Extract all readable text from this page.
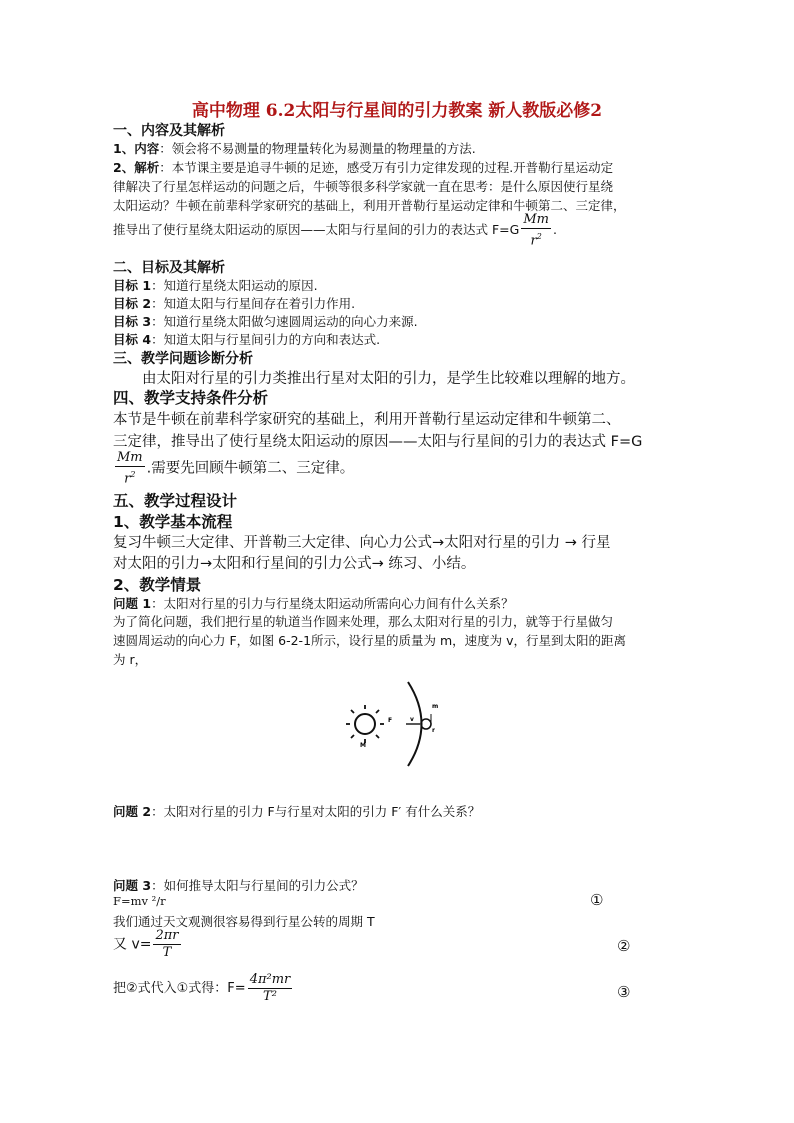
高中物理 6.2太阳与行星间的引力教案 新人教版必修2
一、内容及其解析
1、内容：领会将不易测量的物理量转化为易测量的物理量的方法.
2、解析：本节课主要是追寻牛顿的足迹，感受万有引力定律发现的过程.开普勒行星运动定
律解决了行星怎样运动的问题之后，牛顿等很多科学家就一直在思考：是什么原因使行星绕
太阳运动？牛顿在前辈科学家研究的基础上，利用开普勒行星运动定律和牛顿第二、三定律，
推导出了使行星绕太阳运动的原因——太阳与行星间的引力的表达式 $F=G \frac{Mm}{r^2}$ .
二、目标及其解析
目标 1：知道行星绕太阳运动的原因.
目标 2：知道太阳与行星间存在着引力作用.
目标 3：知道行星绕太阳做匀速圆周运动的向心力来源.
目标 4：知道太阳与行星间引力的方向和表达式.
三、教学问题诊断分析
由太阳对行星的引力类推出行星对太阳的引力，是学生比较难以理解的地方。
四、教学支持条件分析
本节是牛顿在前辈科学家研究的基础上，利用开普勒行星运动定律和牛顿第二、
三定律，推导出了使行星绕太阳运动的原因——太阳与行星间的引力的表达式 F=G
$\frac{Mm}{r^2}$ .需要先回顾牛顿第二、三定律。
五、教学过程设计
1、教学基本流程
复习牛顿三大定律、开普勒三大定律、向心力公式→太阳对行星的引力 → 行星
对太阳的引力→太阳和行星间的引力公式→ 练习、小结。
2、教学情景
问题 1：太阳对行星的引力与行星绕太阳运动所需向心力间有什么关系？
为了简化问题，我们把行星的轨道当作圆来处理，那么太阳对行星的引力，就等于行星做匀
速圆周运动的向心力 F，如图 6-2-1所示，设行星的质量为 m，速度为 v，行星到太阳的距离
为 r，
F
m
v
r
M
问题 2：太阳对行星的引力 F与行星对太阳的引力 F′ 有什么关系？
问题 3：如何推导太阳与行星间的引力公式？
F=mv ²/r	①
我们通过天文观测很容易得到行星公转的周期 T
又 $v= \frac{2\pi r}{T}$	②
把②式代入①式得：$F= \frac{\text{4π²mr}}{\text{T²}}$	③
